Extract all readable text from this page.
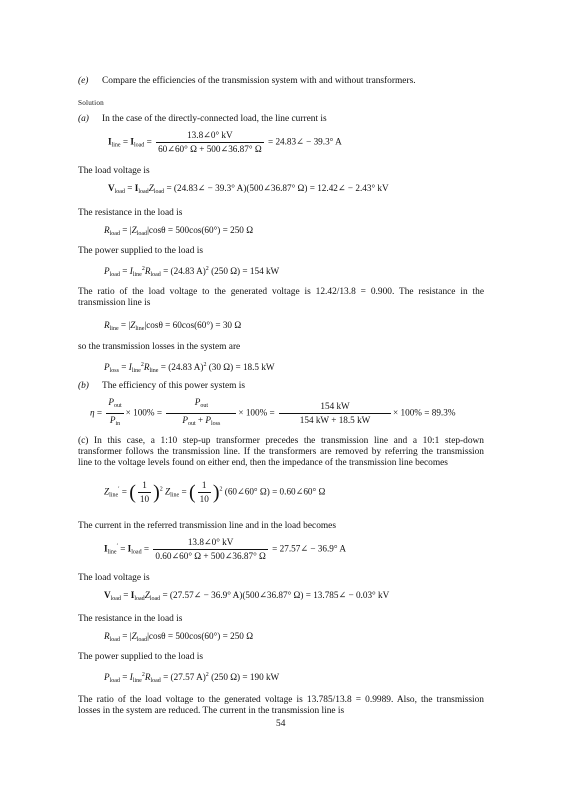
(e) Compare the efficiencies of the transmission system with and without transformers.
Solution
(a) In the case of the directly-connected load, the line current is
$I_{line} = I_{load} = \frac{13.8\angle 0^\circ kV}{60\angle 60^\circ \Omega + 500\angle 36.87^\circ \Omega}$ = 24.83∠ − 39.3° A
The load voltage is
$V_{load} = I_{load}Z_{load}$ = (24.83∠ − 39.3° A)(500∠36.87° Ω) = 12.42∠ − 2.43° kV
The resistance in the load is
$R_{load} = |Z_{load}|\cos\theta = 500\cos(60^\circ) = 250$ Ω
The power supplied to the load is
$P_{load} = I_{line}^2R_{load} = (24.83$ A)$^2$ (250 Ω) = 154 kW
The ratio of the load voltage to the generated voltage is 12.42/13.8 = 0.900. The resistance in the
transmission line is
$R_{line} = |Z_{line}|\cos\theta = 60\cos(60^\circ) = 30$ Ω
so the transmission losses in the system are
$P_{loss} = I_{line}^2R_{line} = (24.83$ A)$^2$ (30 Ω) = 18.5 kW
(b) The efficiency of this power system is
$\eta = \frac{P_{out}}{P_{in}} \times 100\% = \frac{P_{out}}{P_{out} + P_{loss}} \times 100\% = \frac{154 kW}{154 kW + 18.5 kW} \times 100\% = 89.3\%$
(c) In this case, a 1:10 step-up transformer precedes the transmission line and a 10:1 step-down
transformer follows the transmission line. If the transformers are removed by referring the transmission
line to the voltage levels found on either end, then the impedance of the transmission line becomes
$Z_{line}'$ = ( $\frac{1}{10} )^2$ $Z_{line}$ = ( $\frac{1}{10} )^2$ (60∠60° Ω) = 0.60∠60° Ω
The current in the referred transmission line and in the load becomes
$I_{line}' = I_{load} = \frac{13.8\angle 0^\circ kV}{0.60\angle 60^\circ \Omega + 500\angle 36.87^\circ \Omega}$ = 27.57∠ − 36.9° A
The load voltage is
$V_{load} = I_{load}Z_{load}$ = (27.57∠ − 36.9° A)(500∠36.87° Ω) = 13.785∠ − 0.03° kV
The resistance in the load is
$R_{load} = |Z_{load}|\cos\theta = 500\cos(60^\circ) = 250$ Ω
The power supplied to the load is
$P_{load} = I_{line}^2R_{load} = (27.57$ A)$^2$ (250 Ω) = 190 kW
The ratio of the load voltage to the generated voltage is 13.785/13.8 = 0.9989. Also, the transmission
losses in the system are reduced. The current in the transmission line is
54
